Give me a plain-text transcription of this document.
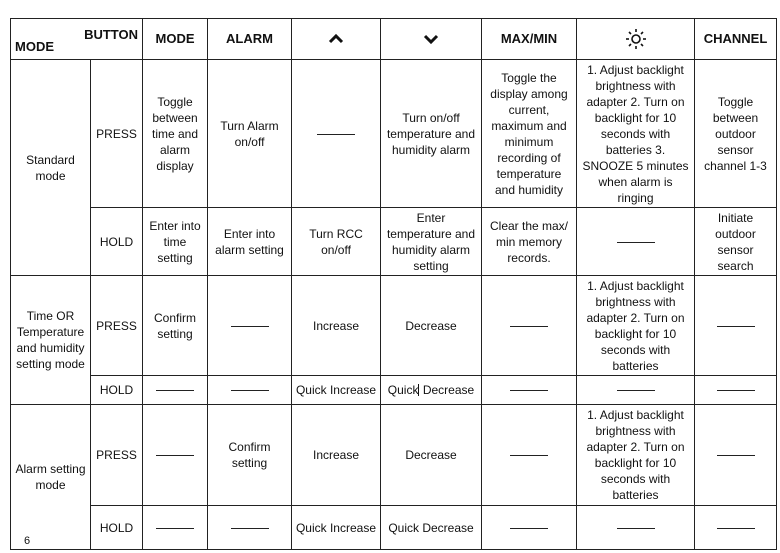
MODE
BUTTON		MODE	ALARM			MAX/MIN		CHANNEL
Standard mode	PRESS	Toggle between time and alarm display	Turn Alarm on/off		Turn on/off temperature and humidity alarm	Toggle the display among current, maximum and minimum recording of temperature and humidity	1. Adjust backlight brightness with adapter 2. Turn on backlight for 10 seconds with batteries 3. SNOOZE 5 minutes when alarm is ringing	Toggle between outdoor sensor channel 1-3
	HOLD	Enter into time setting	Enter into alarm setting	Turn RCC on/off	Enter temperature and humidity alarm setting	Clear the max/ min memory records.		Initiate outdoor sensor search
Time OR Temperature and humidity setting mode	PRESS	Confirm setting		Increase	Decrease		1. Adjust backlight brightness with adapter 2. Turn on backlight for 10 seconds with batteries	
	HOLD			Quick Increase	Quick Decrease			
Alarm setting mode	PRESS		Confirm setting	Increase	Decrease		1. Adjust backlight brightness with adapter 2. Turn on backlight for 10 seconds with batteries	
	HOLD			Quick Increase	Quick Decrease			
6
